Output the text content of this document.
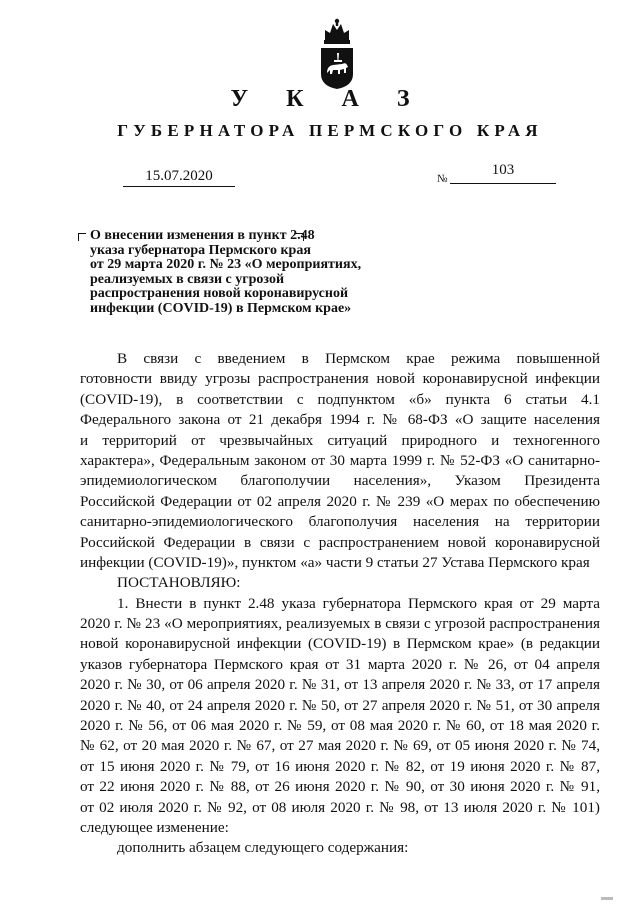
У К А З
ГУБЕРНАТОРА ПЕРМСКОГО КРАЯ
15.07.2020	№
103
О внесении изменения в пункт 2.48
указа губернатора Пермского края
от 29 марта 2020 г. № 23 «О мероприятиях,
реализуемых в связи с угрозой
распространения новой коронавирусной
инфекции (COVID-19) в Пермском крае»
В связи с введением в Пермском крае режима повышенной
готовности ввиду угрозы распространения новой коронавирусной инфекции
(COVID-19), в соответствии с подпунктом «б» пункта 6 статьи 4.1
Федерального закона от 21 декабря 1994 г. № 68-ФЗ «О защите населения
и территорий от чрезвычайных ситуаций природного и техногенного
характера», Федеральным законом от 30 марта 1999 г. № 52-ФЗ «О санитарно-
эпидемиологическом благополучии населения», Указом Президента
Российской Федерации от 02 апреля 2020 г. № 239 «О мерах по обеспечению
санитарно-эпидемиологического благополучия населения на территории
Российской Федерации в связи с распространением новой коронавирусной
инфекции (COVID-19)», пунктом «а» части 9 статьи 27 Устава Пермского края
ПОСТАНОВЛЯЮ:
1. Внести в пункт 2.48 указа губернатора Пермского края от 29 марта
2020 г. № 23 «О мероприятиях, реализуемых в связи с угрозой распространения
новой коронавирусной инфекции (COVID-19) в Пермском крае» (в редакции
указов губернатора Пермского края от 31 марта 2020 г. № 26, от 04 апреля
2020 г. № 30, от 06 апреля 2020 г. № 31, от 13 апреля 2020 г. № 33, от 17 апреля
2020 г. № 40, от 24 апреля 2020 г. № 50, от 27 апреля 2020 г. № 51, от 30 апреля
2020 г. № 56, от 06 мая 2020 г. № 59, от 08 мая 2020 г. № 60, от 18 мая 2020 г.
№ 62, от 20 мая 2020 г. № 67, от 27 мая 2020 г. № 69, от 05 июня 2020 г. № 74,
от 15 июня 2020 г. № 79, от 16 июня 2020 г. № 82, от 19 июня 2020 г. № 87,
от 22 июня 2020 г. № 88, от 26 июня 2020 г. № 90, от 30 июня 2020 г. № 91,
от 02 июля 2020 г. № 92, от 08 июля 2020 г. № 98, от 13 июля 2020 г. № 101)
следующее изменение:
дополнить абзацем следующего содержания:
